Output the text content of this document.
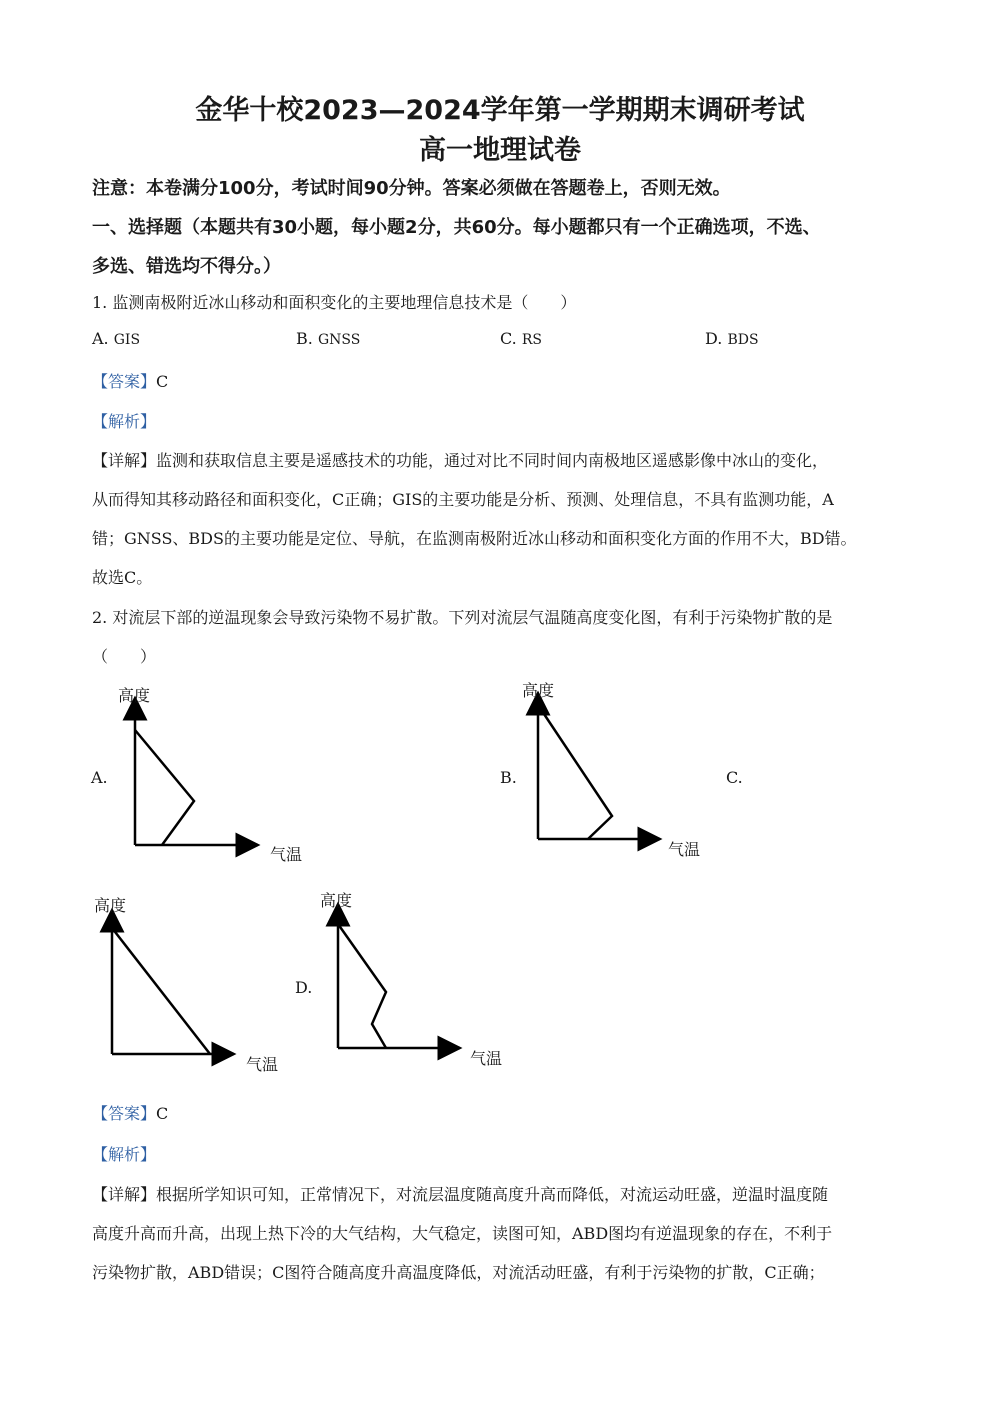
金华十校2023—2024学年第一学期期末调研考试
高一地理试卷
注意：本卷满分100分，考试时间90分钟。答案必须做在答题卷上，否则无效。
一、选择题（本题共有30小题，每小题2分，共60分。每小题都只有一个正确选项，不选、
多选、错选均不得分。）
1. 监测南极附近冰山移动和面积变化的主要地理信息技术是（　　）
A. GIS	B. GNSS	C. RS	D. BDS
【答案】C
【解析】
【详解】监测和获取信息主要是遥感技术的功能，通过对比不同时间内南极地区遥感影像中冰山的变化，
从而得知其移动路径和面积变化，C正确；GIS的主要功能是分析、预测、处理信息，不具有监测功能，A
错；GNSS、BDS的主要功能是定位、导航，在监测南极附近冰山移动和面积变化方面的作用不大，BD错。
故选C。
2. 对流层下部的逆温现象会导致污染物不易扩散。下列对流层气温随高度变化图，有利于污染物扩散的是
（　　）
A.	B.	C.
D.
高度
气温
高度
气温
高度
气温
高度
气温
【答案】C
【解析】
【详解】根据所学知识可知，正常情况下，对流层温度随高度升高而降低，对流运动旺盛，逆温时温度随
高度升高而升高，出现上热下冷的大气结构，大气稳定，读图可知，ABD图均有逆温现象的存在，不利于
污染物扩散，ABD错误；C图符合随高度升高温度降低，对流活动旺盛，有利于污染物的扩散，C正确；
